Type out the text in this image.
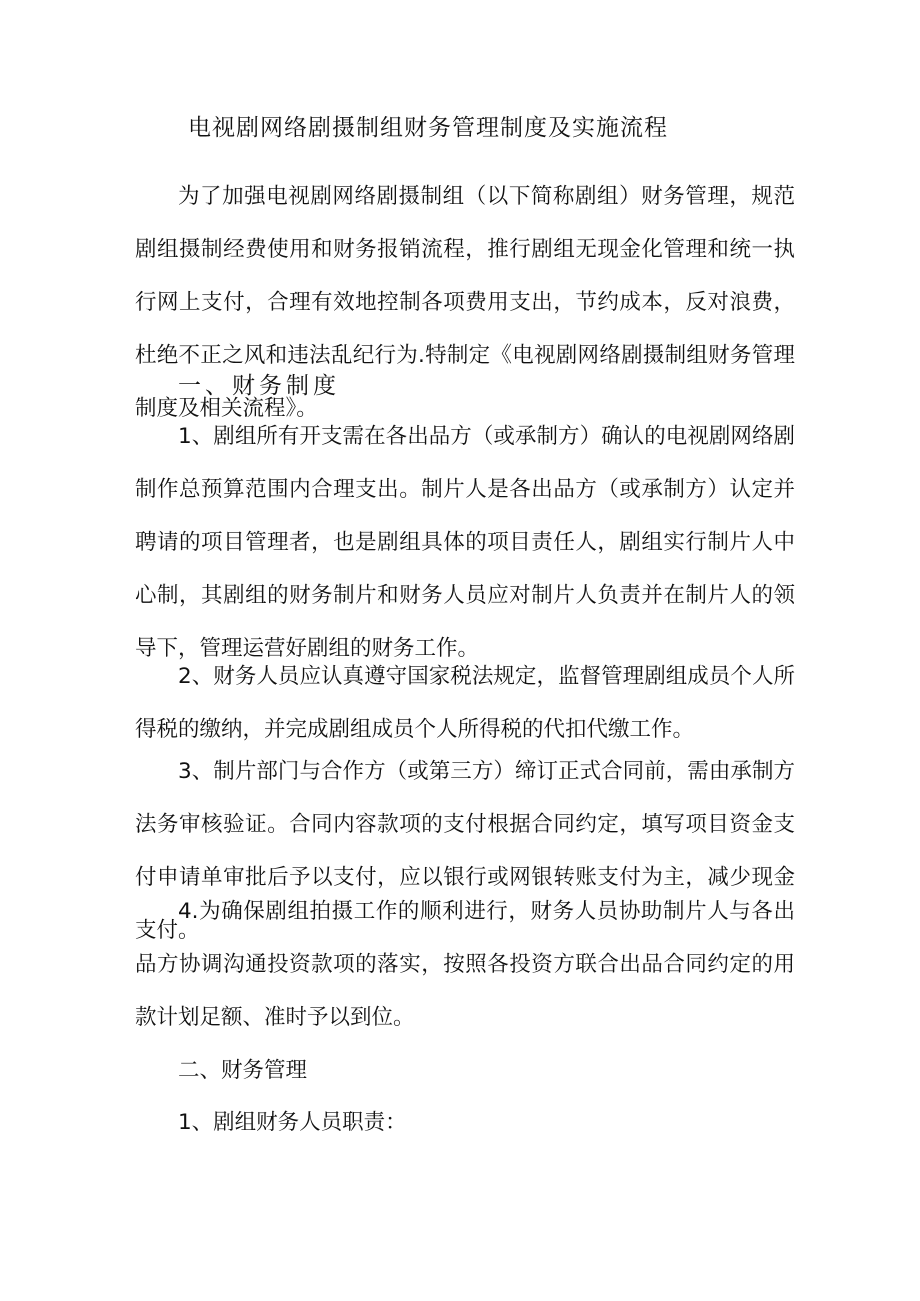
电视剧网络剧摄制组财务管理制度及实施流程

为了加强电视剧网络剧摄制组（以下简称剧组）财务管理，规范剧组摄制经费使用和财务报销流程，推行剧组无现金化管理和统一执行网上支付，合理有效地控制各项费用支出，节约成本，反对浪费，杜绝不正之风和违法乱纪行为.特制定《电视剧网络剧摄制组财务管理制度及相关流程》。

一、财务制度

1、剧组所有开支需在各出品方（或承制方）确认的电视剧网络剧制作总预算范围内合理支出。制片人是各出品方（或承制方）认定并聘请的项目管理者，也是剧组具体的项目责任人，剧组实行制片人中心制，其剧组的财务制片和财务人员应对制片人负责并在制片人的领导下，管理运营好剧组的财务工作。

2、财务人员应认真遵守国家税法规定，监督管理剧组成员个人所得税的缴纳，并完成剧组成员个人所得税的代扣代缴工作。

3、制片部门与合作方（或第三方）缔订正式合同前，需由承制方法务审核验证。合同内容款项的支付根据合同约定，填写项目资金支付申请单审批后予以支付，应以银行或网银转账支付为主，减少现金支付。

4.为确保剧组拍摄工作的顺利进行，财务人员协助制片人与各出品方协调沟通投资款项的落实，按照各投资方联合出品合同约定的用款计划足额、准时予以到位。

二、财务管理
1、剧组财务人员职责：
